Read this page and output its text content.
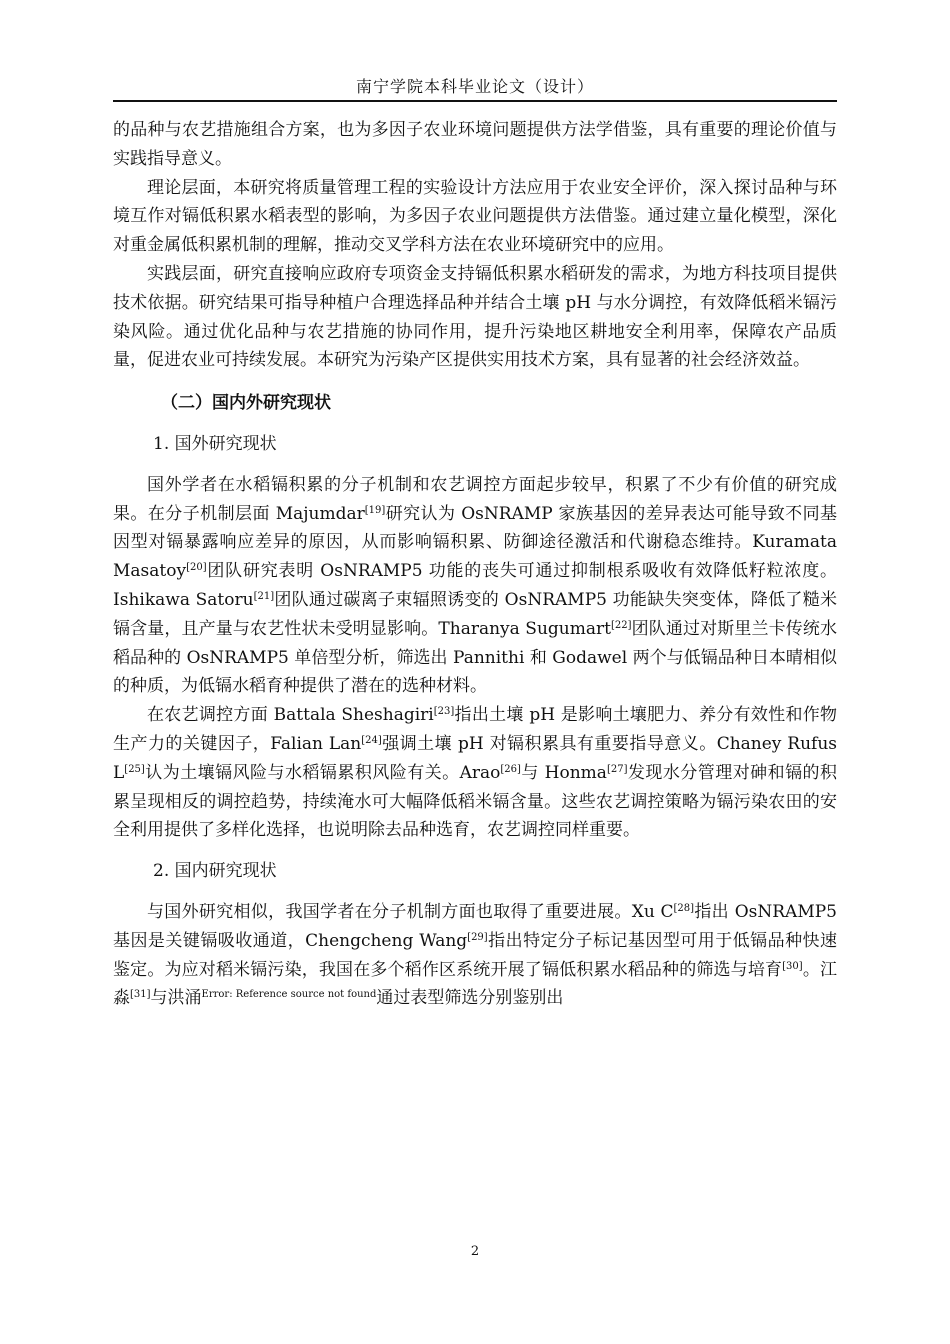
南宁学院本科毕业论文（设计）

的品种与农艺措施组合方案，也为多因子农业环境问题提供方法学借鉴，具有重要的理论价值与实践指导意义。

理论层面，本研究将质量管理工程的实验设计方法应用于农业安全评价，深入探讨品种与环境互作对镉低积累水稻表型的影响，为多因子农业问题提供方法借鉴。通过建立量化模型，深化对重金属低积累机制的理解，推动交叉学科方法在农业环境研究中的应用。

实践层面，研究直接响应政府专项资金支持镉低积累水稻研发的需求，为地方科技项目提供技术依据。研究结果可指导种植户合理选择品种并结合土壤 pH 与水分调控，有效降低稻米镉污染风险。通过优化品种与农艺措施的协同作用，提升污染地区耕地安全利用率，保障农产品质量，促进农业可持续发展。本研究为污染产区提供实用技术方案，具有显著的社会经济效益。

（二）国内外研究现状
1. 国外研究现状

国外学者在水稻镉积累的分子机制和农艺调控方面起步较早，积累了不少有价值的研究成果。在分子机制层面 Majumdar[19]研究认为 OsNRAMP 家族基因的差异表达可能导致不同基因型对镉暴露响应差异的原因，从而影响镉积累、防御途径激活和代谢稳态维持。Kuramata Masatoy[20]团队研究表明 OsNRAMP5 功能的丧失可通过抑制根系吸收有效降低籽粒浓度。Ishikawa Satoru[21]团队通过碳离子束辐照诱变的 OsNRAMP5 功能缺失突变体，降低了糙米镉含量，且产量与农艺性状未受明显影响。Tharanya Sugumart[22]团队通过对斯里兰卡传统水稻品种的 OsNRAMP5 单倍型分析，筛选出 Pannithi 和 Godawel 两个与低镉品种日本晴相似的种质，为低镉水稻育种提供了潜在的选种材料。

在农艺调控方面 Battala Sheshagiri[23]指出土壤 pH 是影响土壤肥力、养分有效性和作物生产力的关键因子，Falian Lan[24]强调土壤 pH 对镉积累具有重要指导意义。Chaney Rufus L[25]认为土壤镉风险与水稻镉累积风险有关。Arao[26]与 Honma[27]发现水分管理对砷和镉的积累呈现相反的调控趋势，持续淹水可大幅降低稻米镉含量。这些农艺调控策略为镉污染农田的安全利用提供了多样化选择，也说明除去品种选育，农艺调控同样重要。

2. 国内研究现状

与国外研究相似，我国学者在分子机制方面也取得了重要进展。Xu C[28]指出 OsNRAMP5 基因是关键镉吸收通道，Chengcheng Wang[29]指出特定分子标记基因型可用于低镉品种快速鉴定。为应对稻米镉污染，我国在多个稻作区系统开展了镉低积累水稻品种的筛选与培育[30]。江淼[31]与洪涌$^{Error: Reference source not found}$通过表型筛选分别鉴别出

2
